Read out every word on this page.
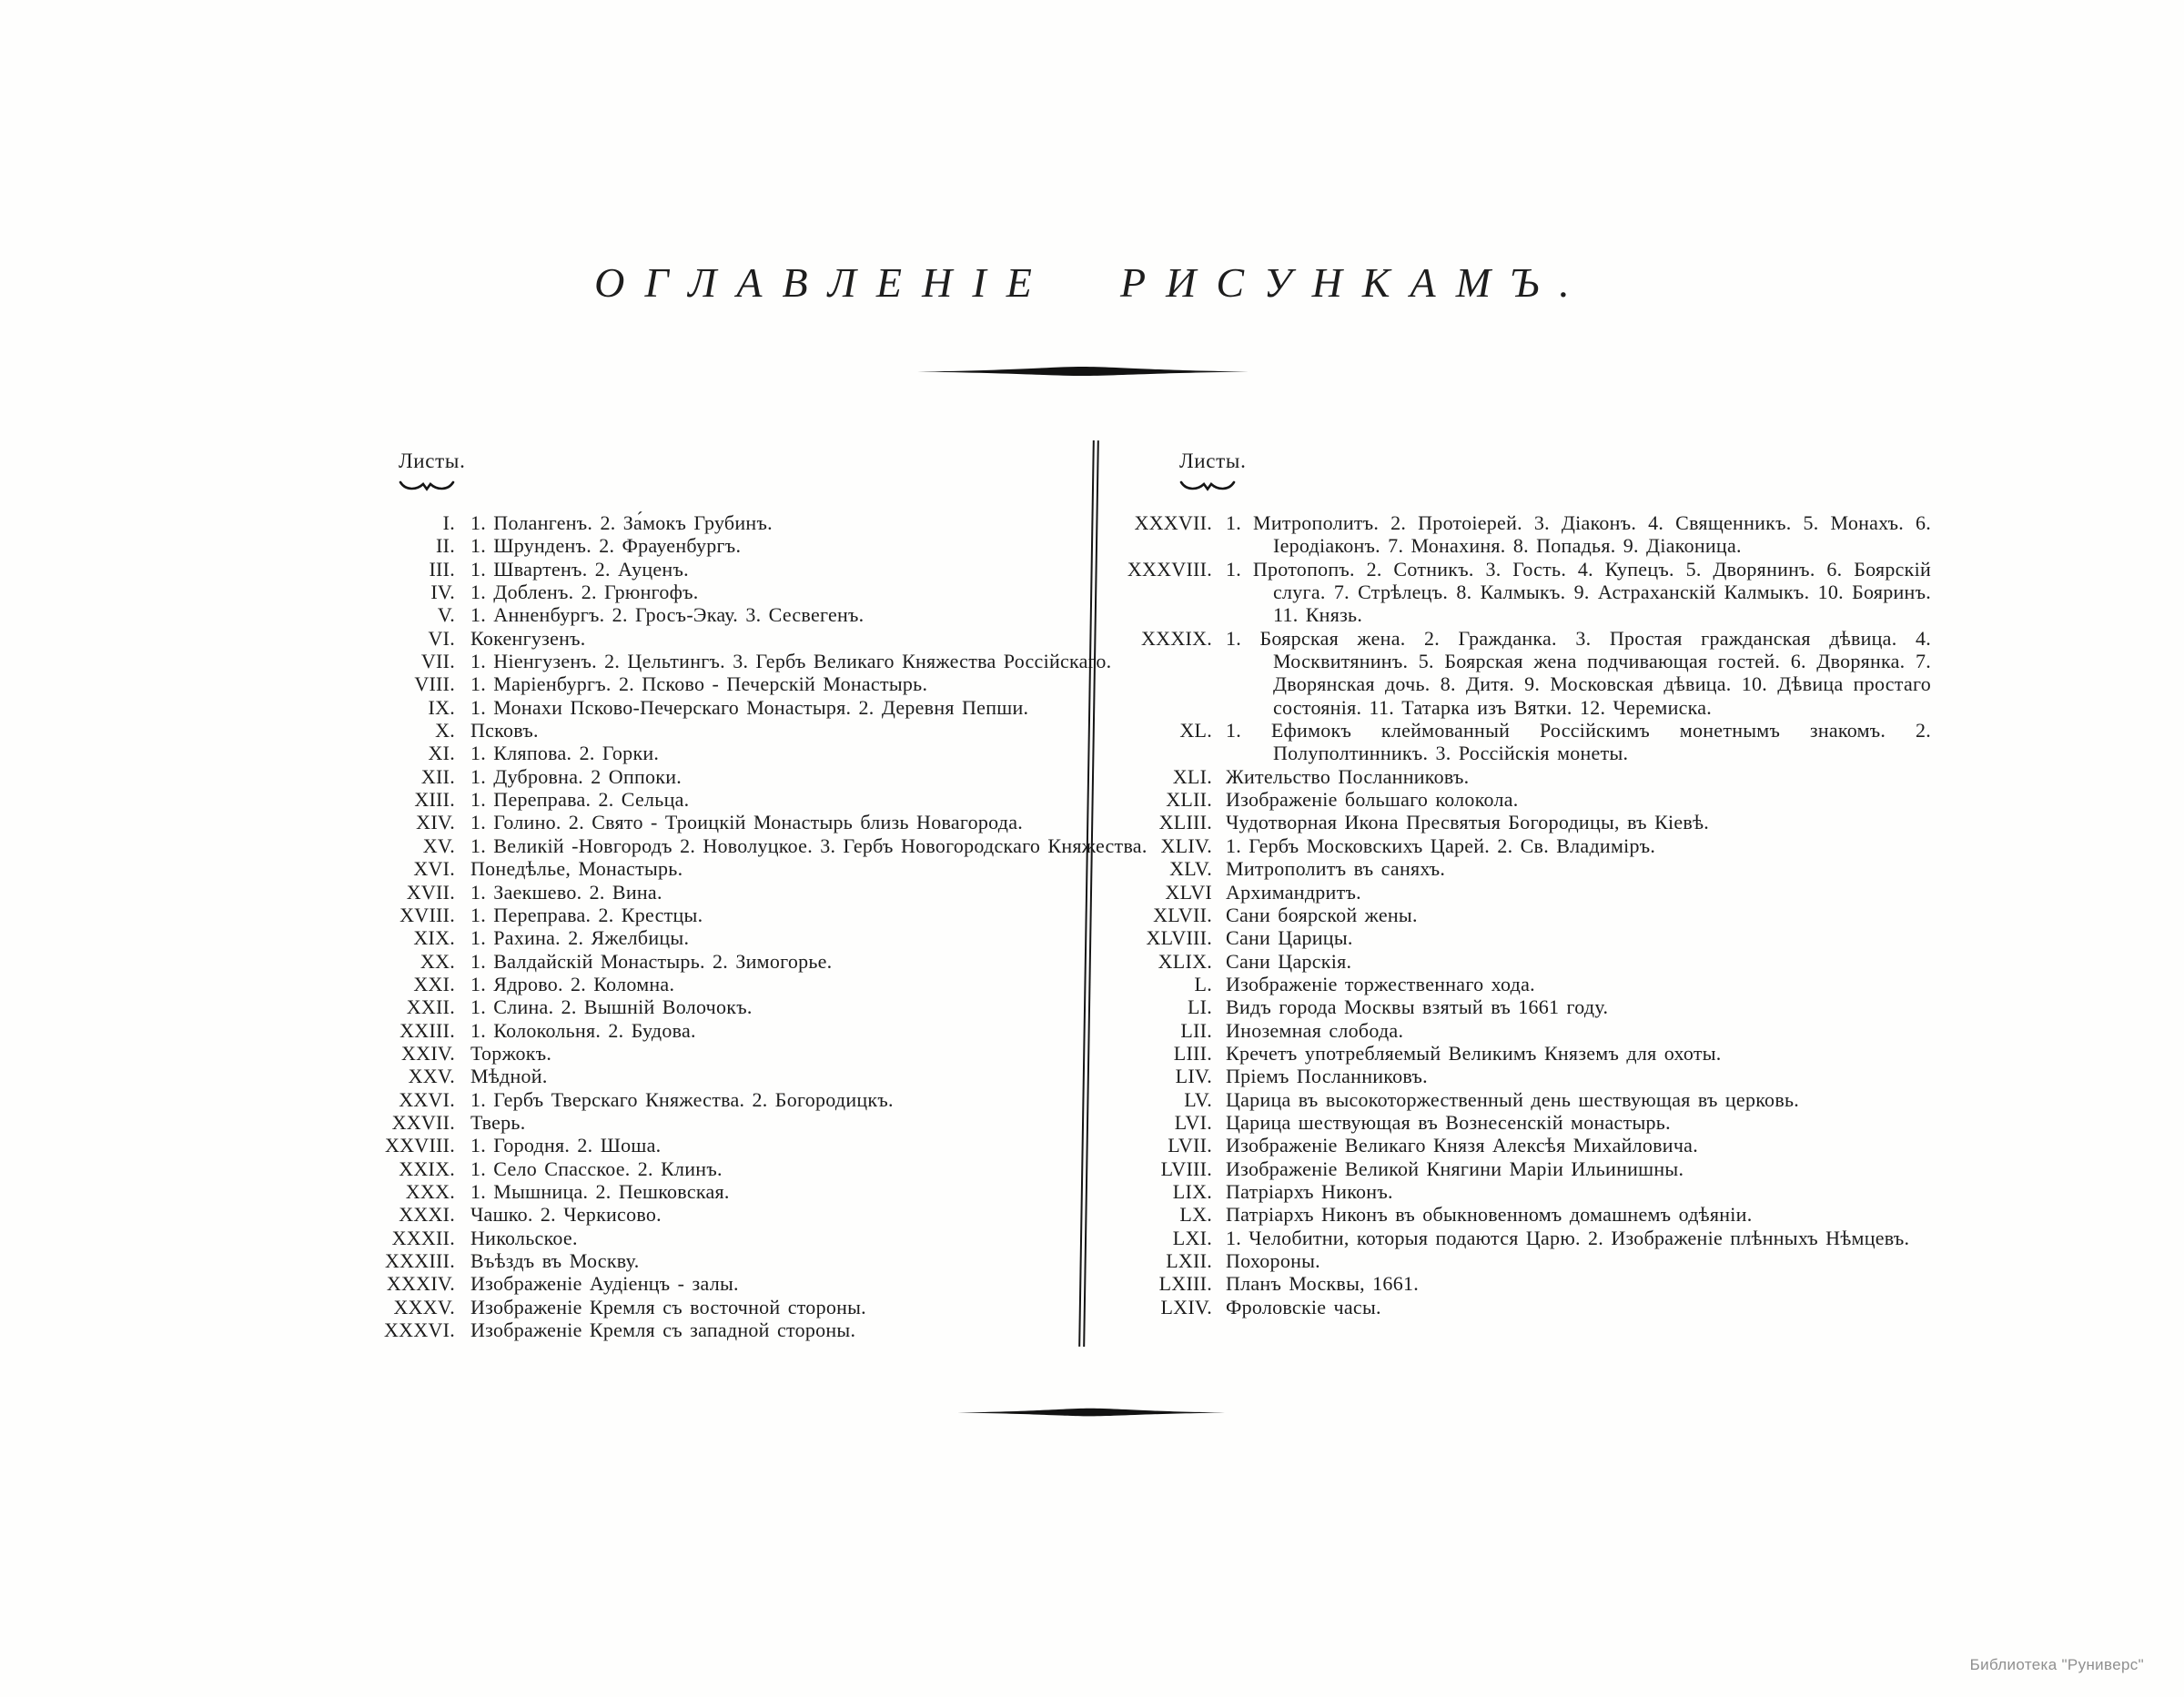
ОГЛАВЛЕНІЕ РИСУНКАМЪ.
Листы.	Листы.
I. 1. Полангенъ. 2. За́мокъ Грубинъ.
II. 1. Шрунденъ. 2. Фрауенбургъ.
III. 1. Швартенъ. 2. Ауценъ.
IV. 1. Добленъ. 2. Грюнгофъ.
V. 1. Анненбургъ. 2. Гросъ-Экау. 3. Сесвегенъ.
VI. Кокенгузенъ.
VII. 1. Ніенгузенъ. 2. Цельтингъ. 3. Гербъ Великаго Княжества Россійскаго.
VIII. 1. Маріенбургъ. 2. Псково - Печерскій Монастырь.
IX. 1. Монахи Псково-Печерскаго Монастыря. 2. Деревня Пепши.
X. Псковъ.
XI. 1. Кляпова. 2. Горки.
XII. 1. Дубровна. 2 Оппоки.
XIII. 1. Переправа. 2. Сельца.
XIV. 1. Голино. 2. Свято - Троицкій Монастырь близь Новагорода.
XV. 1. Великій -Новгородъ 2. Новолуцкое. 3. Гербъ Новогородскаго Княжества.
XVI. Понедѣлье, Монастырь.
XVII. 1. Заекшево. 2. Вина.
XVIII. 1. Переправа. 2. Крестцы.
XIX. 1. Рахина. 2. Яжелбицы.
XX. 1. Валдайскій Монастырь. 2. Зимогорье.
XXI. 1. Ядрово. 2. Коломна.
XXII. 1. Слина. 2. Вышній Волочокъ.
XXIII. 1. Колокольня. 2. Будова.
XXIV. Торжокъ.
XXV. Мѣдной.
XXVI. 1. Гербъ Тверскаго Княжества. 2. Богородицкъ.
XXVII. Тверь.
XXVIII. 1. Городня. 2. Шоша.
XXIX. 1. Село Спасское. 2. Клинъ.
XXX. 1. Мышница. 2. Пешковская.
XXXI. Чашко. 2. Черкисово.
XXXII. Никольское.
XXXIII. Въѣздъ въ Москву.
XXXIV. Изображеніе Аудіенцъ - залы.
XXXV. Изображеніе Кремля съ восточной стороны.
XXXVI. Изображеніе Кремля съ западной стороны.
XXXVII. 1. Митрополитъ. 2. Протоіерей. 3. Діаконъ. 4. Священникъ. 5. Монахъ. 6. Іеродіаконъ. 7. Монахиня. 8. Попадья. 9. Діаконица.
XXXVIII. 1. Протопопъ. 2. Сотникъ. 3. Гость. 4. Купецъ. 5. Дворянинъ. 6. Боярскій слуга. 7. Стрѣлецъ. 8. Калмыкъ. 9. Астраханскій Калмыкъ. 10. Бояринъ. 11. Князь.
XXXIX. 1. Боярская жена. 2. Гражданка. 3. Простая гражданская дѣвица. 4. Москвитянинъ. 5. Боярская жена подчивающая гостей. 6. Дворянка. 7. Дворянская дочь. 8. Дитя. 9. Московская дѣвица. 10. Дѣвица простаго состоянія. 11. Татарка изъ Вятки. 12. Черемиска.
XL. 1. Ефимокъ клеймованный Россійскимъ монетнымъ знакомъ. 2. Полуполтинникъ. 3. Россійскія монеты.
XLI. Жительство Посланниковъ.
XLII. Изображеніе большаго колокола.
XLIII. Чудотворная Икона Пресвятыя Богородицы, въ Кіевѣ.
XLIV. 1. Гербъ Московскихъ Царей. 2. Св. Владиміръ.
XLV. Митрополитъ въ саняхъ.
XLVI Архимандритъ.
XLVII. Сани боярской жены.
XLVIII. Сани Царицы.
XLIX. Сани Царскія.
L. Изображеніе торжественнаго хода.
LI. Видъ города Москвы взятый въ 1661 году.
LII. Иноземная слобода.
LIII. Кречетъ употребляемый Великимъ Княземъ для охоты.
LIV. Пріемъ Посланниковъ.
LV. Царица въ высокоторжественный день шествующая въ церковь.
LVI. Царица шествующая въ Вознесенскій монастырь.
LVII. Изображеніе Великаго Князя Алексѣя Михайловича.
LVIII. Изображеніе Великой Княгини Маріи Ильинишны.
LIX. Патріархъ Никонъ.
LX. Патріархъ Никонъ въ обыкновенномъ домашнемъ одѣяніи.
LXI. 1. Челобитни, которыя подаются Царю. 2. Изображеніе плѣнныхъ Нѣмцевъ.
LXII. Похороны.
LXIII. Планъ Москвы, 1661.
LXIV. Фроловскіе часы.
Библиотека "Руниверс"
